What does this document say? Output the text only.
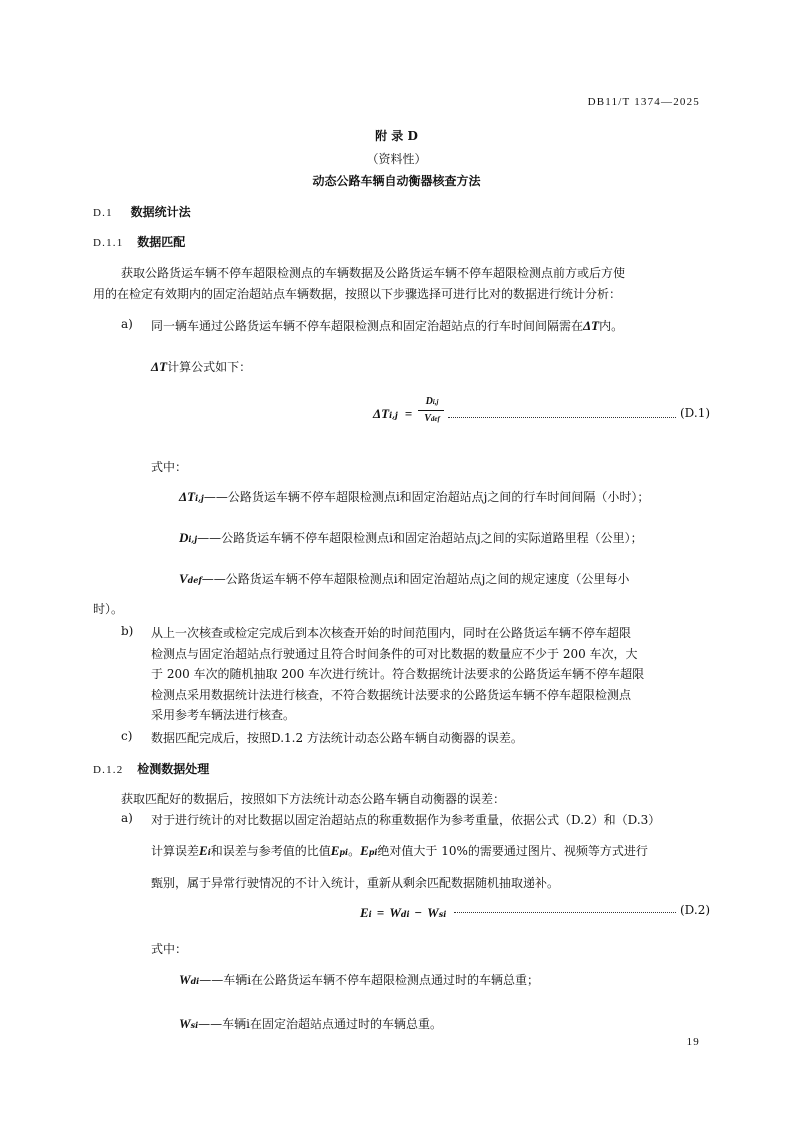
DB11/T 1374—2025
附 录 D
（资料性）
动态公路车辆自动衡器核查方法
D.1 数据统计法
D.1.1 数据匹配
获取公路货运车辆不停车超限检测点的车辆数据及公路货运车辆不停车超限检测点前方或后方使
用的在检定有效期内的固定治超站点车辆数据，按照以下步骤选择可进行比对的数据进行统计分析：
a) 同一辆车通过公路货运车辆不停车超限检测点和固定治超站点的行车时间间隔需在ΔT内。
ΔT计算公式如下：
ΔTi,j =
Di,j
Vdef	(D.1)
式中：
ΔTi,j——公路货运车辆不停车超限检测点i和固定治超站点j之间的行车时间间隔（小时）；
Di,j——公路货运车辆不停车超限检测点i和固定治超站点j之间的实际道路里程（公里）；
Vdef——公路货运车辆不停车超限检测点i和固定治超站点j之间的规定速度（公里每小
时）。
b) 从上一次核查或检定完成后到本次核查开始的时间范围内，同时在公路货运车辆不停车超限
检测点与固定治超站点行驶通过且符合时间条件的可对比数据的数量应不少于 200 车次，大
于 200 车次的随机抽取 200 车次进行统计。符合数据统计法要求的公路货运车辆不停车超限
检测点采用数据统计法进行核查，不符合数据统计法要求的公路货运车辆不停车超限检测点
采用参考车辆法进行核查。
c) 数据匹配完成后，按照D.1.2 方法统计动态公路车辆自动衡器的误差。
D.1.2 检测数据处理
获取匹配好的数据后，按照如下方法统计动态公路车辆自动衡器的误差：
a) 对于进行统计的对比数据以固定治超站点的称重数据作为参考重量，依据公式（D.2）和（D.3）
计算误差Ei和误差与参考值的比值Epi。Epi绝对值大于 10%的需要通过图片、视频等方式进行
甄别，属于异常行驶情况的不计入统计，重新从剩余匹配数据随机抽取递补。
Ei = Wdi − Wsi	(D.2)
式中：
Wdi——车辆i在公路货运车辆不停车超限检测点通过时的车辆总重；
Wsi——车辆i在固定治超站点通过时的车辆总重。
19
